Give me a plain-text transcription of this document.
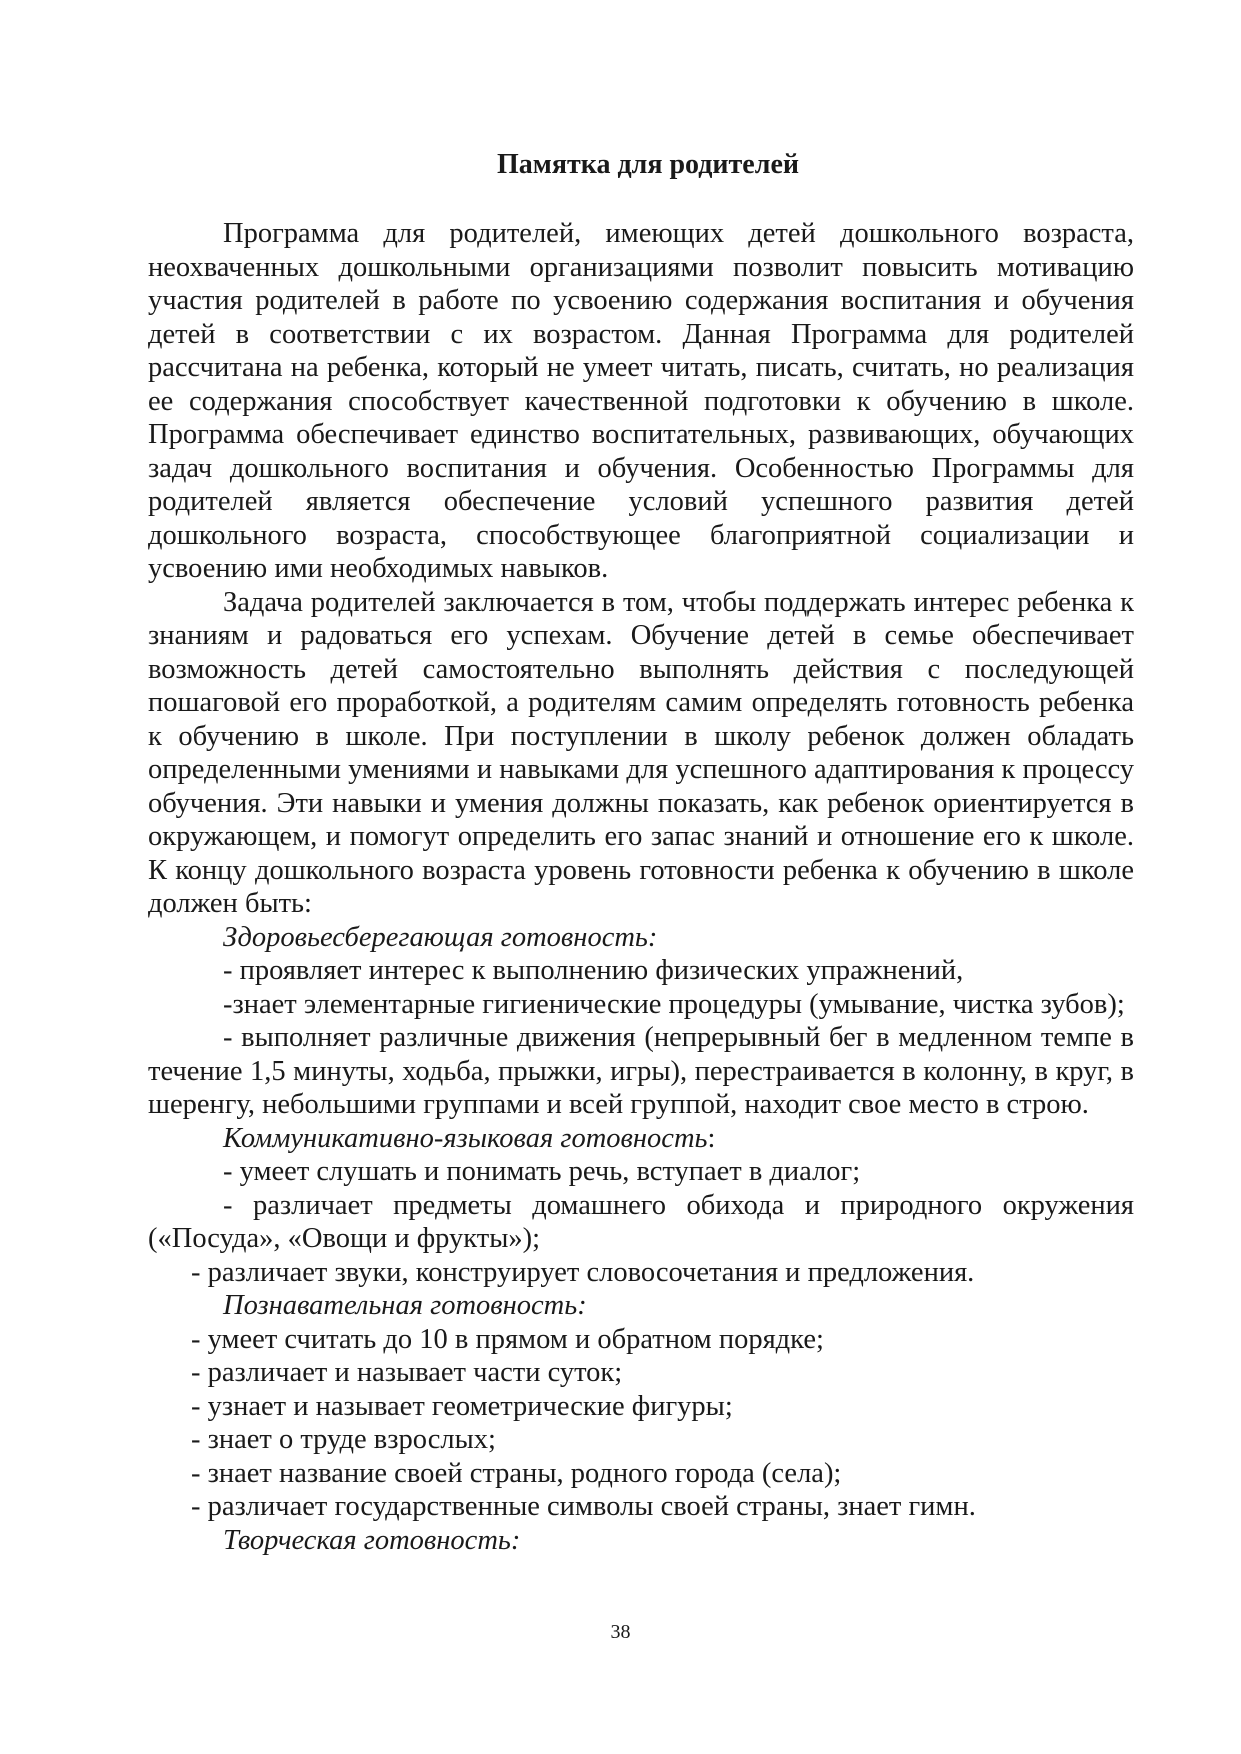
Памятка для родителей

Программа для родителей, имеющих детей дошкольного возраста, неохваченных дошкольными организациями позволит повысить мотивацию участия родителей в работе по усвоению содержания воспитания и обучения детей в соответствии с их возрастом. Данная Программа для родителей рассчитана на ребенка, который не умеет читать, писать, считать, но реализация ее содержания способствует качественной подготовки к обучению в школе. Программа обеспечивает единство воспитательных, развивающих, обучающих задач дошкольного воспитания и обучения. Особенностью Программы для родителей является обеспечение условий успешного развития детей дошкольного возраста, способствующее благоприятной социализации и усвоению ими необходимых навыков.

Задача родителей заключается в том, чтобы поддержать интерес ребенка к знаниям и радоваться его успехам. Обучение детей в семье обеспечивает возможность детей самостоятельно выполнять действия с последующей пошаговой его проработкой, а родителям самим определять готовность ребенка к обучению в школе. При поступлении в школу ребенок должен обладать определенными умениями и навыками для успешного адаптирования к процессу обучения. Эти навыки и умения должны показать, как ребенок ориентируется в окружающем, и помогут определить его запас знаний и отношение его к школе. К концу дошкольного возраста уровень готовности ребенка к обучению в школе должен быть:

Здоровьесберегающая готовность:

- проявляет интерес к выполнению физических упражнений,

-знает элементарные гигиенические процедуры (умывание, чистка зубов);

- выполняет различные движения (непрерывный бег в медленном темпе в течение 1,5 минуты, ходьба, прыжки, игры), перестраивается в колонну, в круг, в шеренгу, небольшими группами и всей группой, находит свое место в строю.

Коммуникативно-языковая готовность:

- умеет слушать и понимать речь, вступает в диалог;

- различает предметы домашнего обихода и природного окружения («Посуда», «Овощи и фрукты»);

- различает звуки, конструирует словосочетания и предложения.

Познавательная готовность:

- умеет считать до 10 в прямом и обратном порядке;

- различает и называет части суток;

- узнает и называет геометрические фигуры;

- знает о труде взрослых;

- знает название своей страны, родного города (села);

- различает государственные символы своей страны, знает гимн.

Творческая готовность:

38
